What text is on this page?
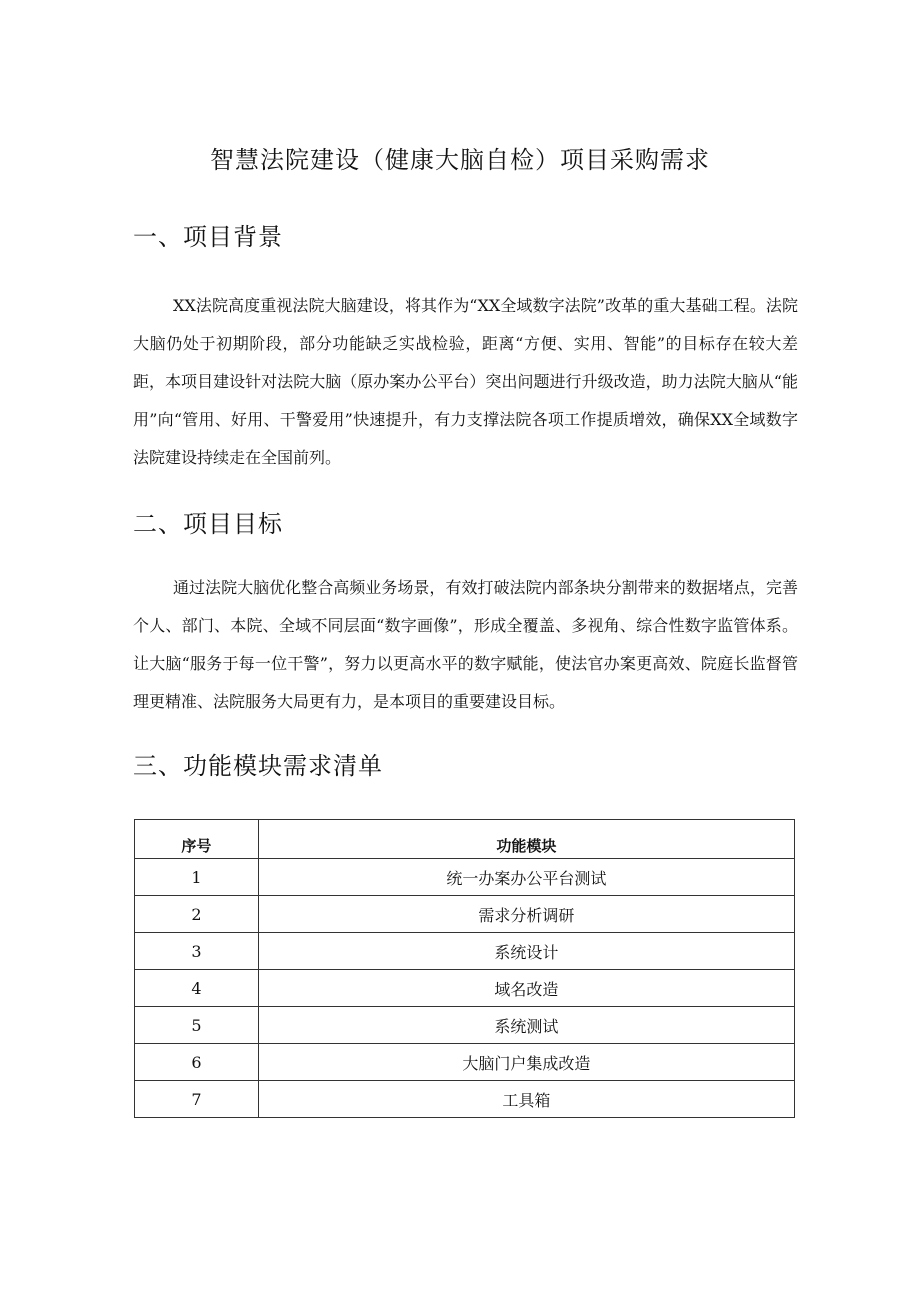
智慧法院建设（健康大脑自检）项目采购需求
一、项目背景

XX法院高度重视法院大脑建设，将其作为“XX全域数字法院”改革的重大基础工程。法院大脑仍处于初期阶段，部分功能缺乏实战检验，距离“方便、实用、智能”的目标存在较大差距，本项目建设针对法院大脑（原办案办公平台）突出问题进行升级改造，助力法院大脑从“能用”向“管用、好用、干警爱用”快速提升，有力支撑法院各项工作提质增效，确保XX全域数字法院建设持续走在全国前列。

二、项目目标

通过法院大脑优化整合高频业务场景，有效打破法院内部条块分割带来的数据堵点，完善个人、部门、本院、全域不同层面“数字画像”，形成全覆盖、多视角、综合性数字监管体系。让大脑“服务于每一位干警”，努力以更高水平的数字赋能，使法官办案更高效、院庭长监督管理更精准、法院服务大局更有力，是本项目的重要建设目标。

三、功能模块需求清单
序号	功能模块
1	统一办案办公平台测试
2	需求分析调研
3	系统设计
4	域名改造
5	系统测试
6	大脑门户集成改造
7	工具箱
